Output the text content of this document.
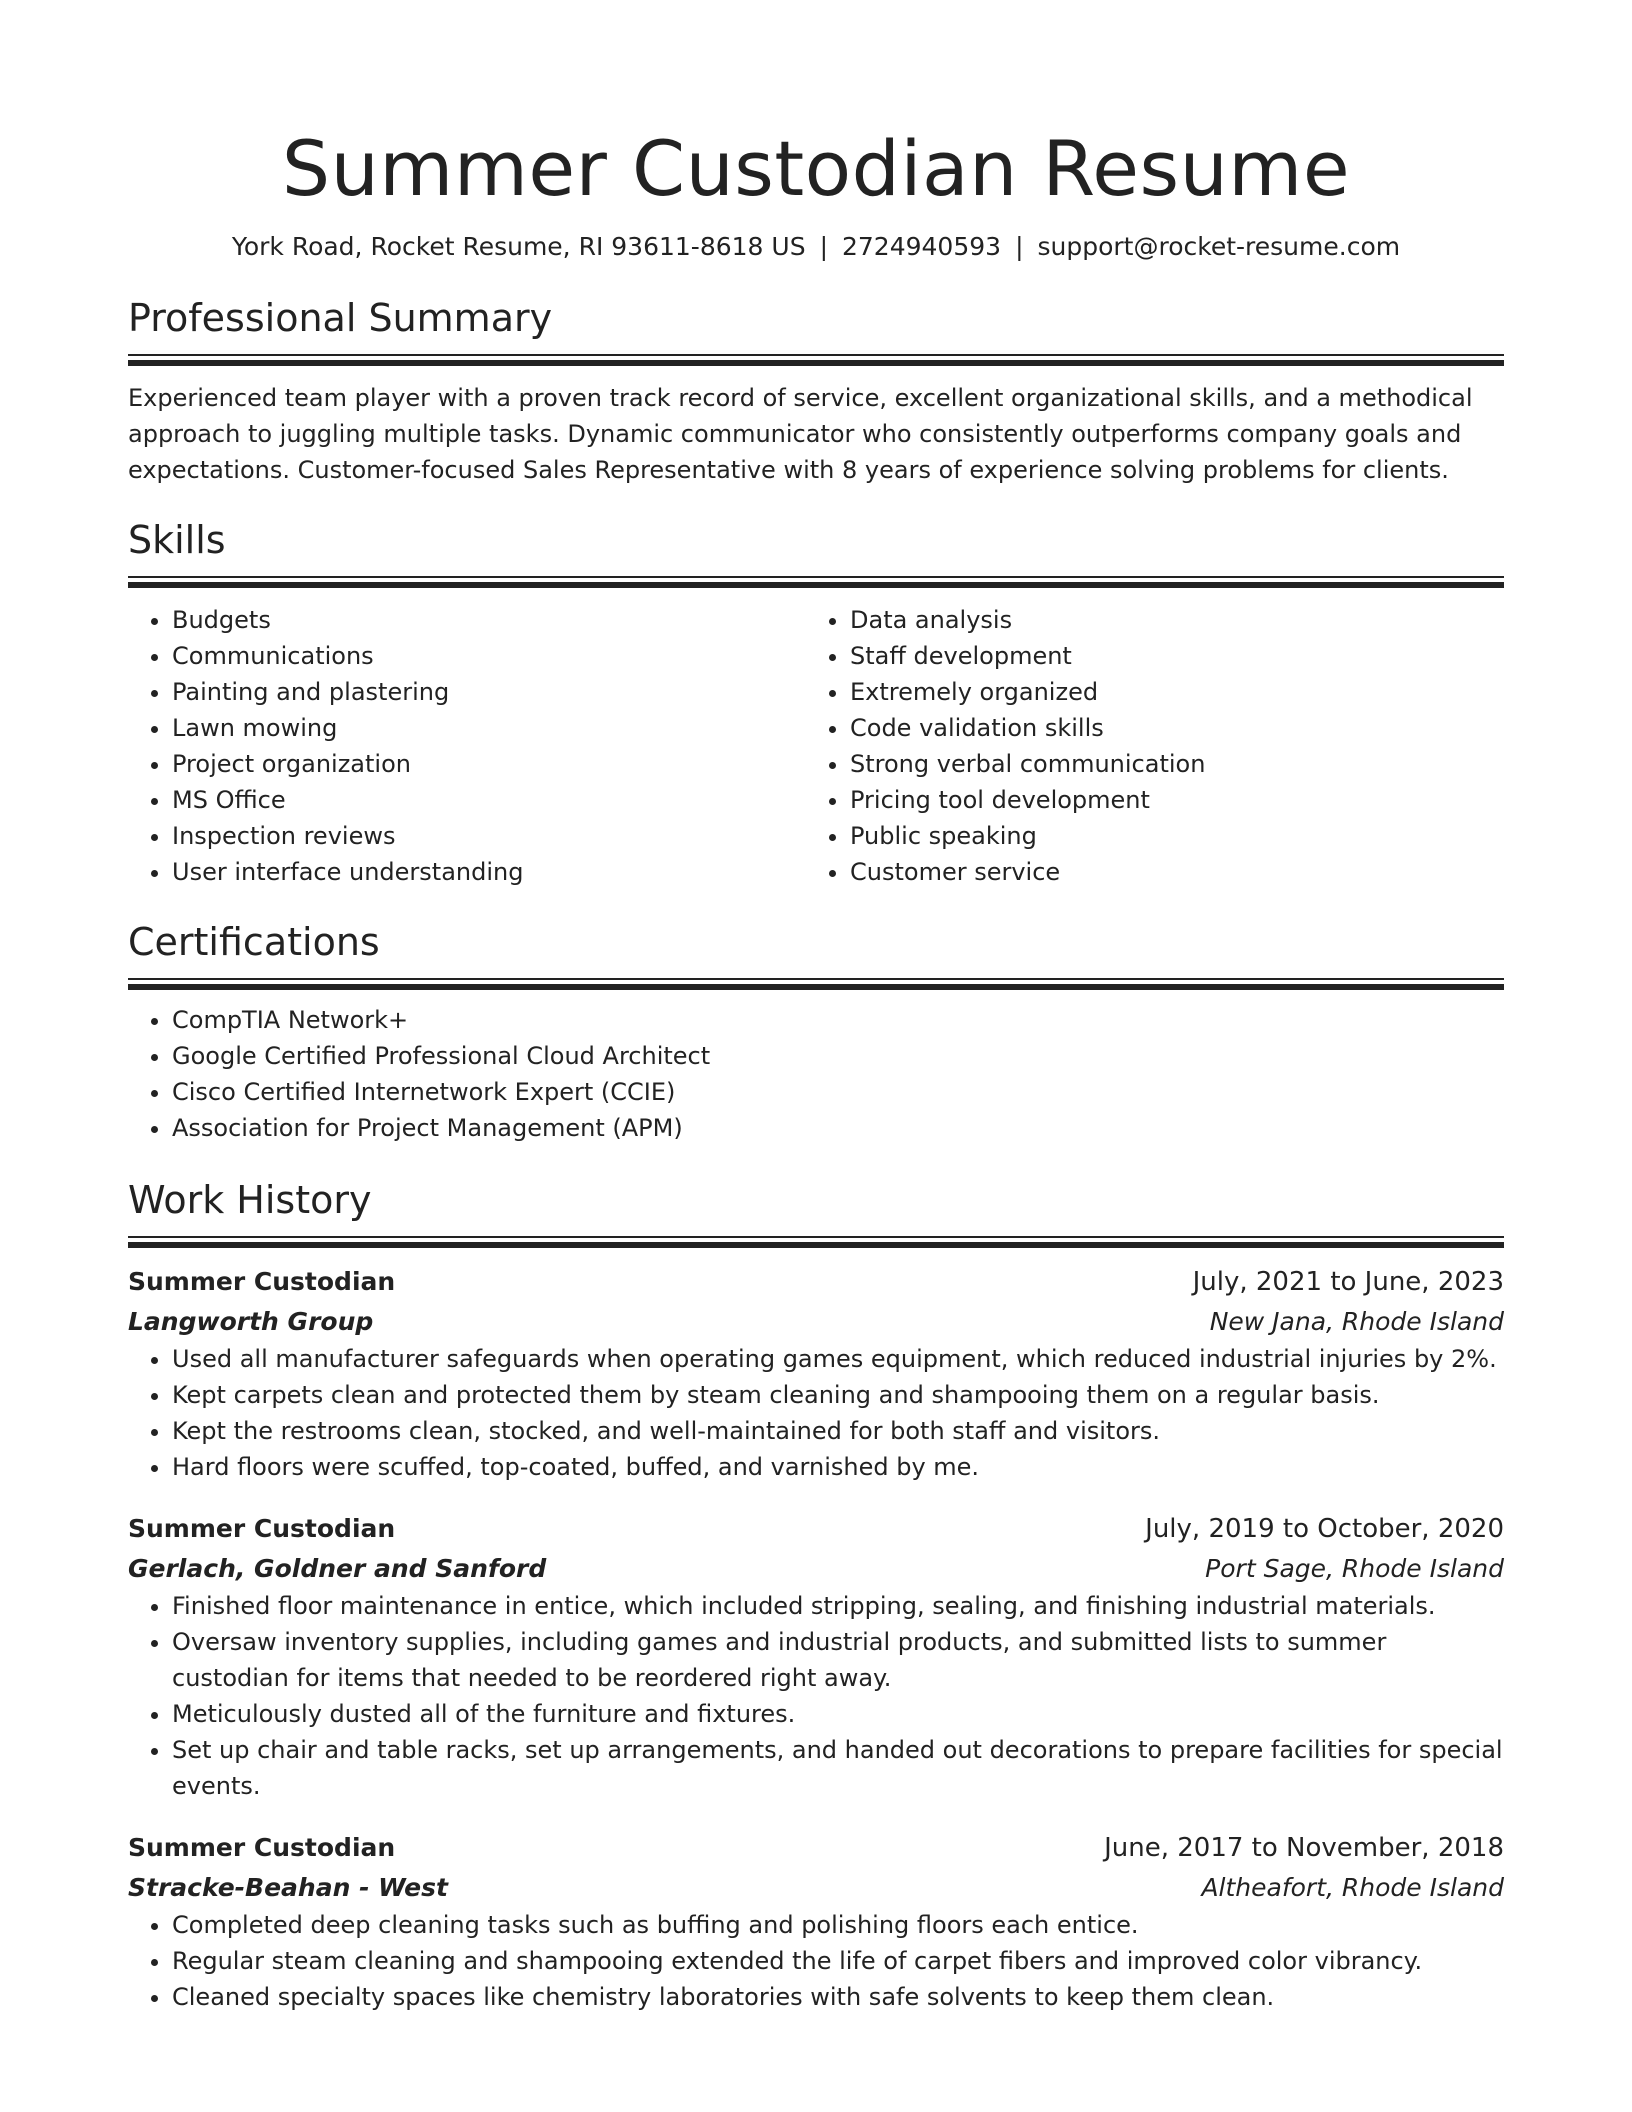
Summer Custodian Resume
York Road, Rocket Resume, RI 93611-8618 US | 2724940593 | support@rocket-resume.com
Professional Summary

Experienced team player with a proven track record of service, excellent organizational skills, and a methodical approach to juggling multiple tasks. Dynamic communicator who consistently outperforms company goals and expectations. Customer-focused Sales Representative with 8 years of experience solving problems for clients.

Skills
• Budgets
• Communications
• Painting and plastering
• Lawn mowing
• Project organization
• MS Office
• Inspection reviews
• User interface understanding
• Data analysis
• Staff development
• Extremely organized
• Code validation skills
• Strong verbal communication
• Pricing tool development
• Public speaking
• Customer service
Certifications
• CompTIA Network+
• Google Certified Professional Cloud Architect
• Cisco Certified Internetwork Expert (CCIE)
• Association for Project Management (APM)
Work History
Summer Custodian	July, 2021 to June, 2023
Langworth Group	New Jana, Rhode Island
• Used all manufacturer safeguards when operating games equipment, which reduced industrial injuries by 2%.
• Kept carpets clean and protected them by steam cleaning and shampooing them on a regular basis.
• Kept the restrooms clean, stocked, and well-maintained for both staff and visitors.
• Hard floors were scuffed, top-coated, buffed, and varnished by me.
Summer Custodian	July, 2019 to October, 2020
Gerlach, Goldner and Sanford	Port Sage, Rhode Island
• Finished floor maintenance in entice, which included stripping, sealing, and finishing industrial materials.
• Oversaw inventory supplies, including games and industrial products, and submitted lists to summer custodian for items that needed to be reordered right away.
• Meticulously dusted all of the furniture and fixtures.
• Set up chair and table racks, set up arrangements, and handed out decorations to prepare facilities for special events.
Summer Custodian	June, 2017 to November, 2018
Stracke-Beahan - West	Altheafort, Rhode Island
• Completed deep cleaning tasks such as buffing and polishing floors each entice.
• Regular steam cleaning and shampooing extended the life of carpet fibers and improved color vibrancy.
• Cleaned specialty spaces like chemistry laboratories with safe solvents to keep them clean.
